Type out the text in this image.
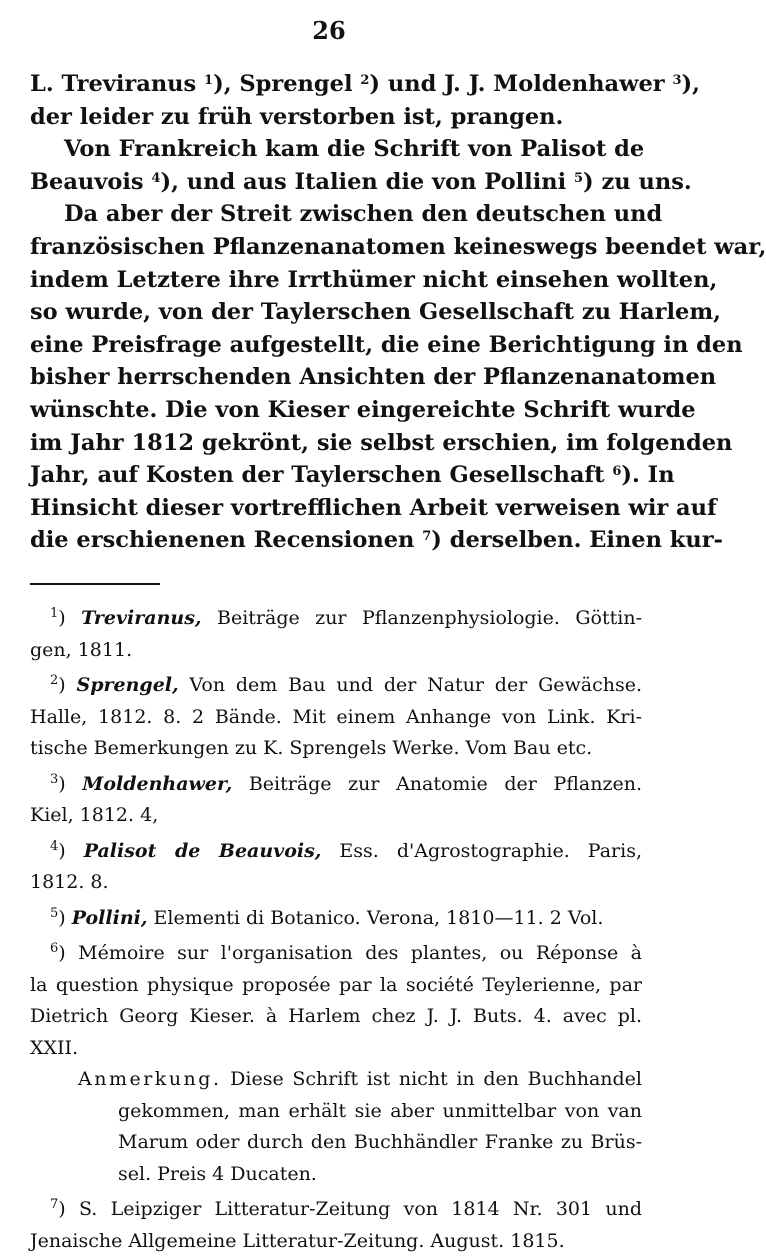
26
L. Treviranus $^1$), Sprengel $^2$) und J. J. Moldenhawer $^3$),
der leider zu früh verstorben ist, prangen.
Von Frankreich kam die Schrift von Palisot de
Beauvois $^4$), und aus Italien die von Pollini $^5$) zu uns.
Da aber der Streit zwischen den deutschen und
französischen Pflanzenanatomen keineswegs beendet war,
indem Letztere ihre Irrthümer nicht einsehen wollten,
so wurde, von der Taylerschen Gesellschaft zu Harlem,
eine Preisfrage aufgestellt, die eine Berichtigung in den
bisher herrschenden Ansichten der Pflanzenanatomen
wünschte. Die von Kieser eingereichte Schrift wurde
im Jahr 1812 gekrönt, sie selbst erschien, im folgenden
Jahr, auf Kosten der Taylerschen Gesellschaft $^6$). In
Hinsicht dieser vortrefflichen Arbeit verweisen wir auf
die erschienenen Recensionen $^7$) derselben. Einen kur-
$^1$) Treviranus, Beiträge zur Pflanzenphysiologie. Göttin-
gen, 1811.
$^2$) Sprengel, Von dem Bau und der Natur der Gewächse.
Halle, 1812. 8. 2 Bände. Mit einem Anhange von Link. Kri-
tische Bemerkungen zu K. Sprengels Werke. Vom Bau etc.
$^3$) Moldenhawer, Beiträge zur Anatomie der Pflanzen.
Kiel, 1812. 4,
$^4$) Palisot de Beauvois, Ess. d'Agrostographie. Paris,
1812. 8.
$^5$) Pollini, Elementi di Botanico. Verona, 1810—11. 2 Vol.
$^6$) Mémoire sur l'organisation des plantes, ou Réponse à
la question physique proposée par la société Teylerienne, par
Dietrich Georg Kieser. à Harlem chez J. J. Buts. 4. avec pl.
XXII.
Anmerkung. Diese Schrift ist nicht in den Buchhandel
gekommen, man erhält sie aber unmittelbar von van
Marum oder durch den Buchhändler Franke zu Brüs-
sel. Preis 4 Ducaten.
$^7$) S. Leipziger Litteratur-Zeitung von 1814 Nr. 301 und
Jenaische Allgemeine Litteratur-Zeitung. August. 1815.
